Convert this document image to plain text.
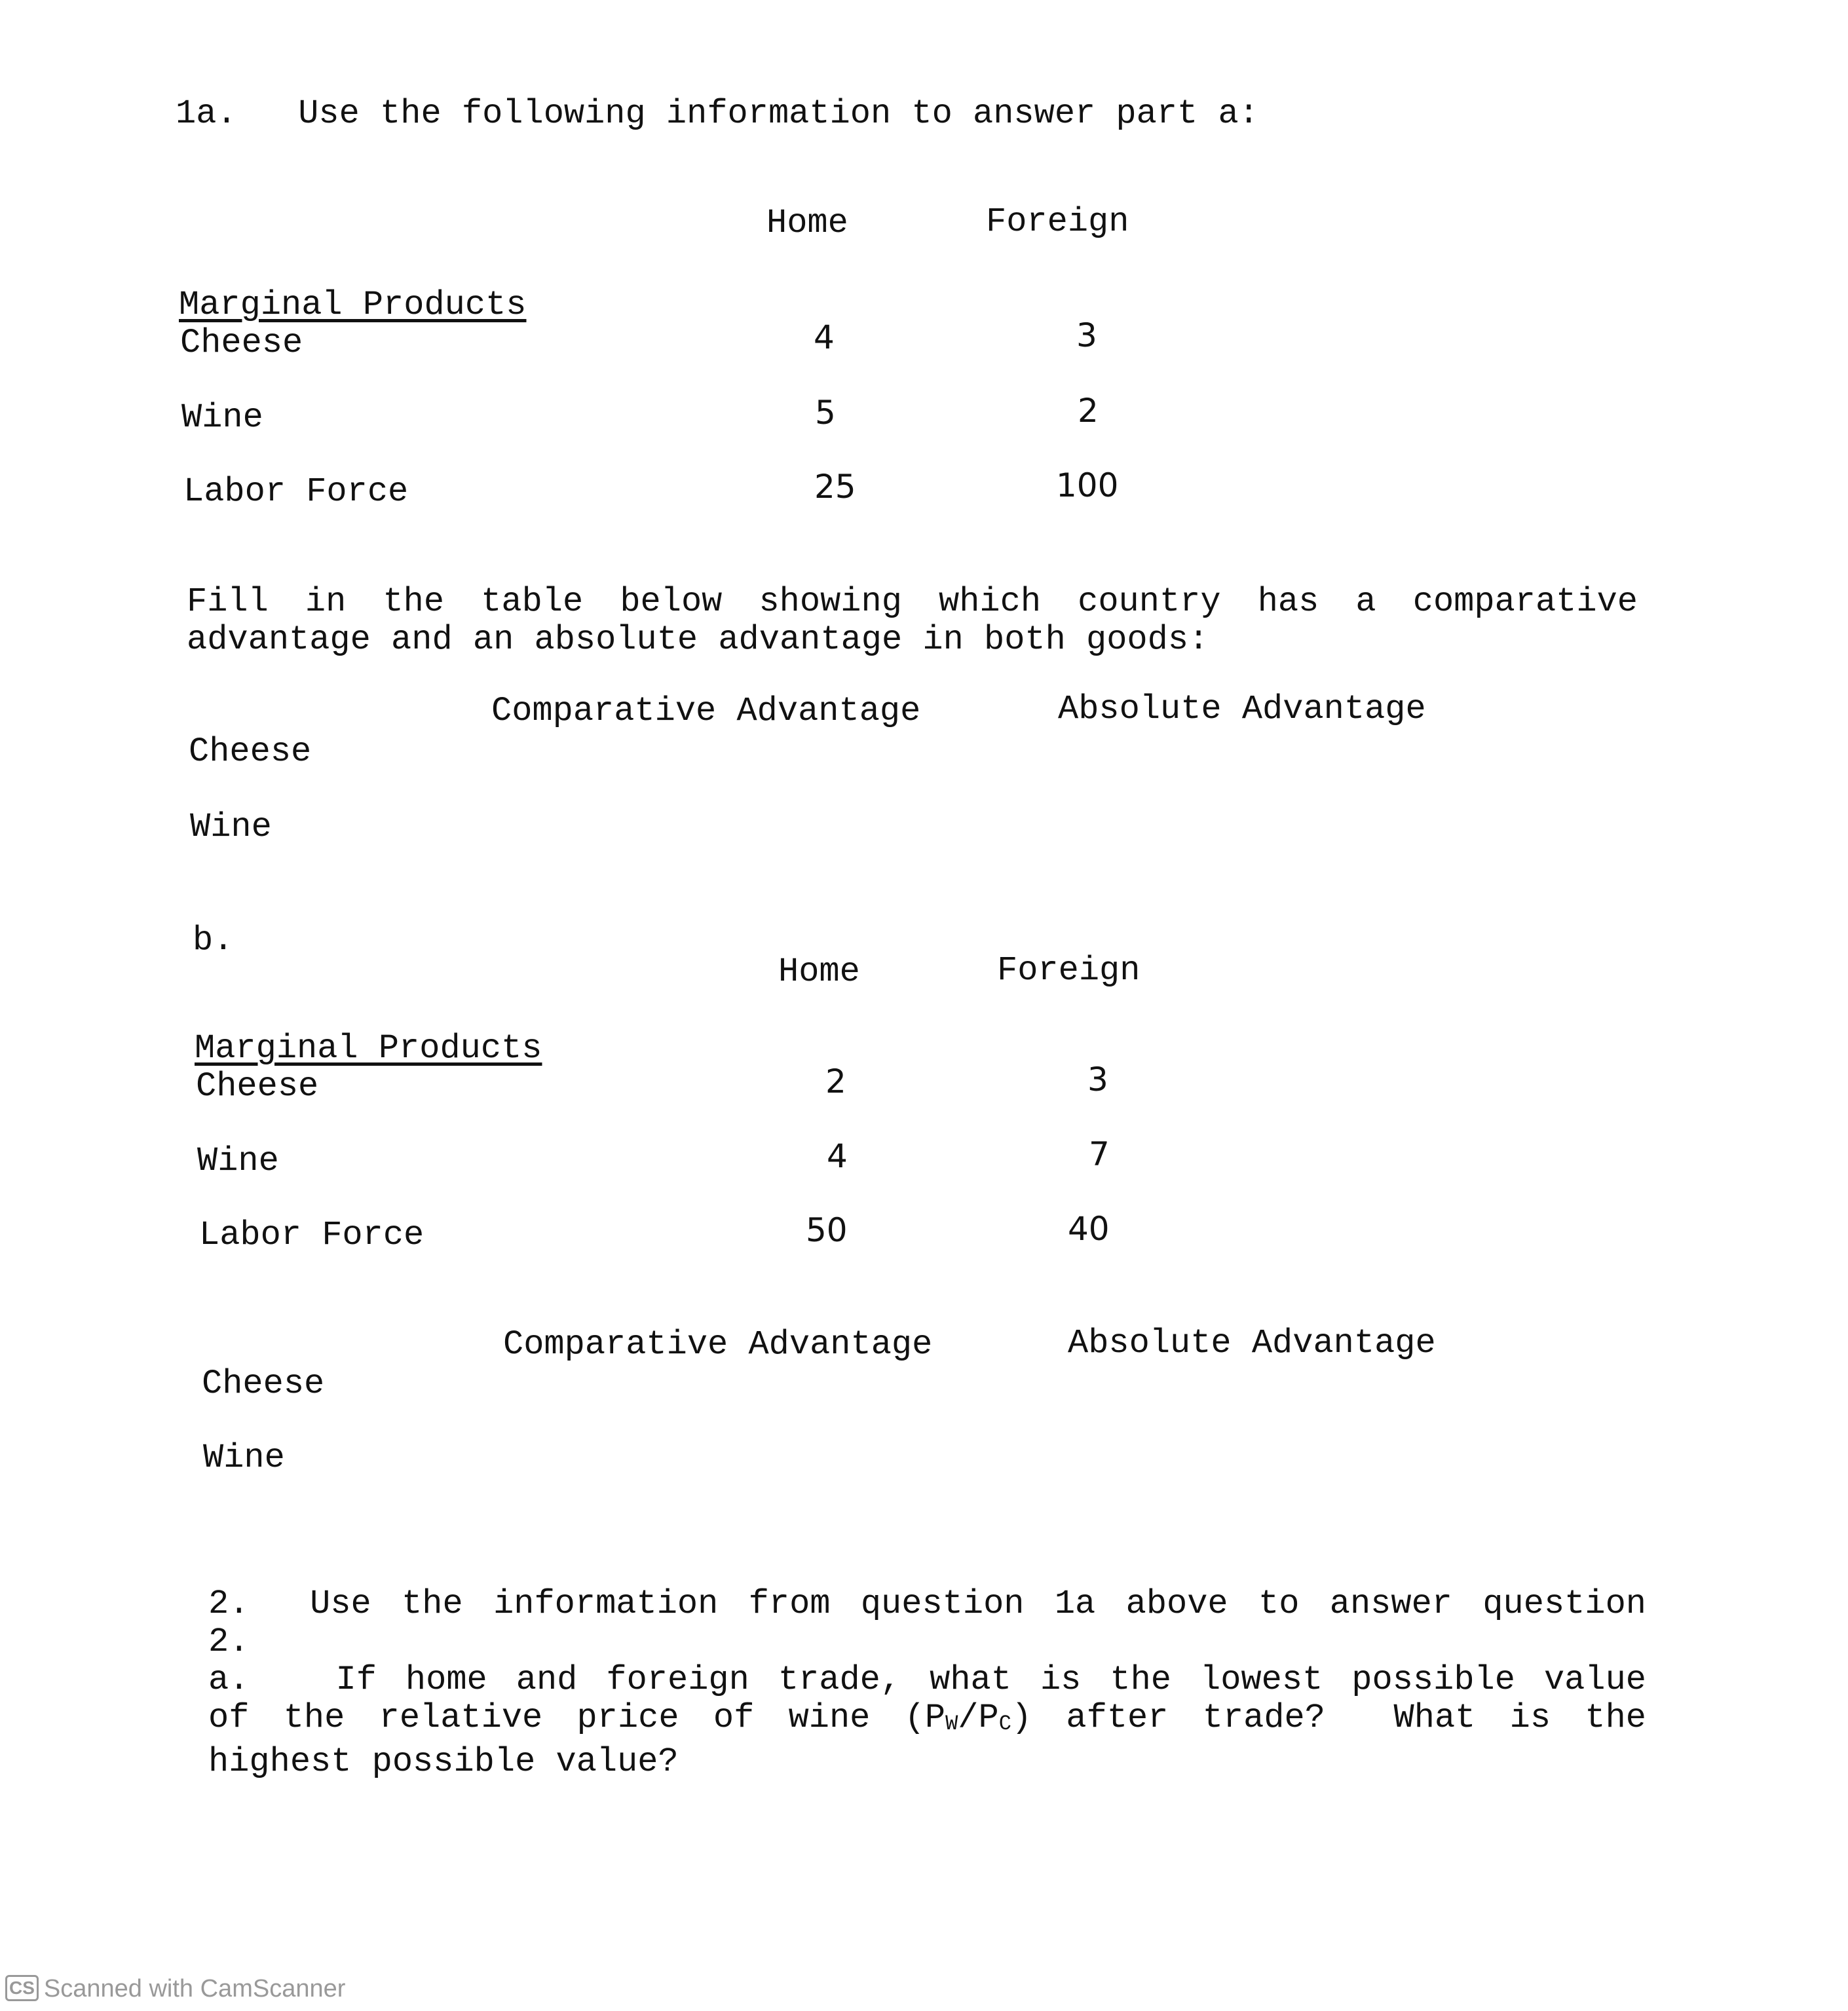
1a.   Use the following information to answer part a:
Home	Foreign
Marginal Products
Cheese	4	3
Wine	5	2
Labor Force	25	100
Fill in the table below showing which country has a comparative
advantage and an absolute advantage in both goods:
Comparative Advantage	Absolute Advantage
Cheese
Wine
b.
Home	Foreign
Marginal Products
Cheese	2	3
Wine	4	7
Labor Force	50	40
Comparative Advantage	Absolute Advantage
Cheese
Wine
2.  Use the information from question 1a above to answer question
2.
a.   If home and foreign trade, what is the lowest possible value
of the relative price of wine $(P_W/P_C)$ after trade?  What is the
highest possible value?
CS Scanned with CamScanner
